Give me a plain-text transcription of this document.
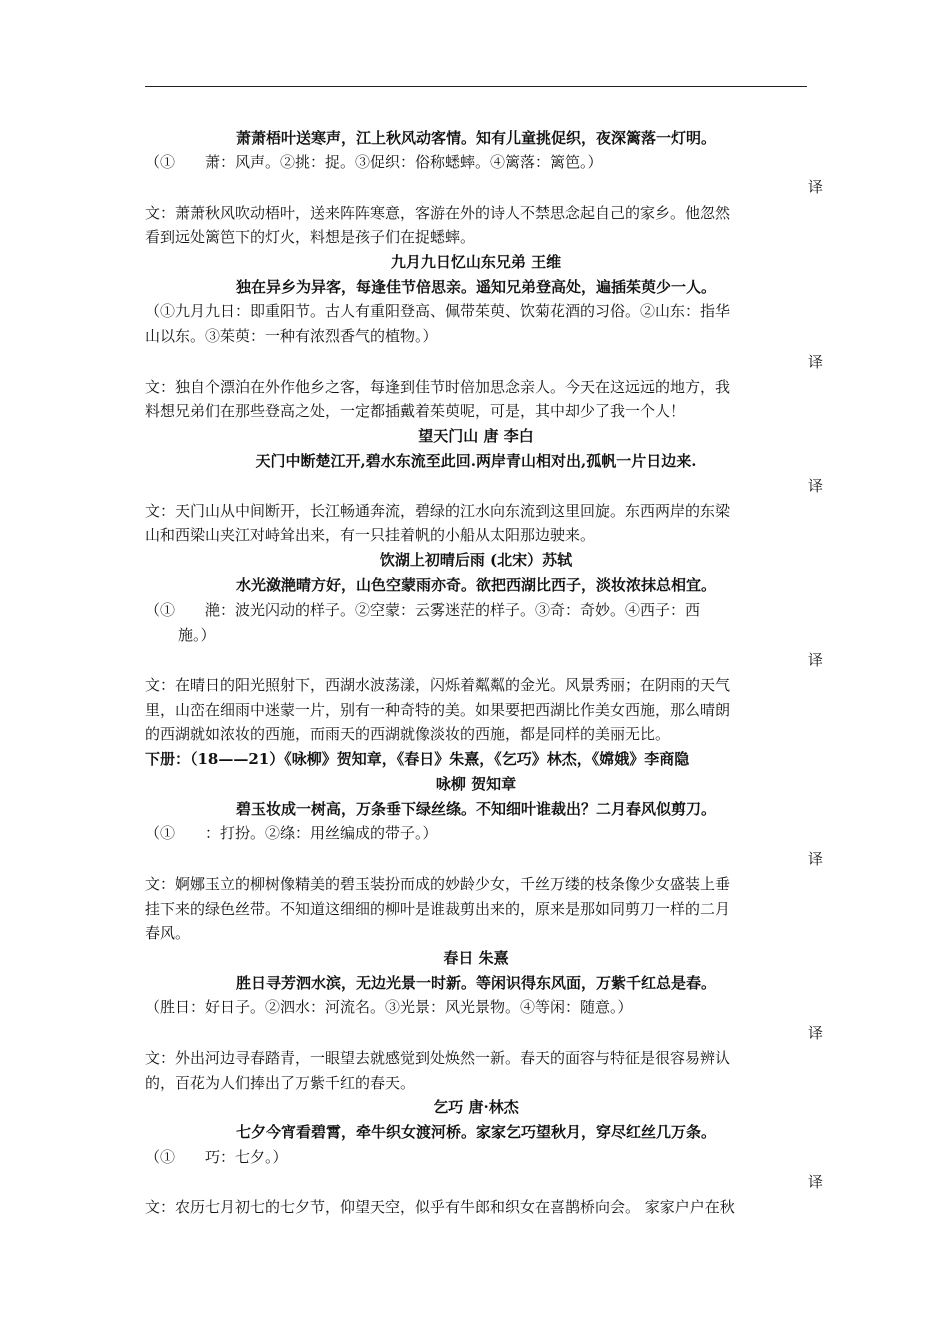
萧萧梧叶送寒声，江上秋风动客情。知有儿童挑促织，夜深篱落一灯明。
（①　　萧：风声。②挑：捉。③促织：俗称蟋蟀。④篱落：篱笆。）
译
文：萧萧秋风吹动梧叶，送来阵阵寒意，客游在外的诗人不禁思念起自己的家乡。他忽然
看到远处篱笆下的灯火，料想是孩子们在捉蟋蟀。
九月九日忆山东兄弟 王维
独在异乡为异客，每逢佳节倍思亲。遥知兄弟登高处，遍插茱萸少一人。
（①九月九日：即重阳节。古人有重阳登高、佩带茱萸、饮菊花酒的习俗。②山东：指华
山以东。③茱萸：一种有浓烈香气的植物。）
译
文：独自个漂泊在外作他乡之客，每逢到佳节时倍加思念亲人。今天在这远远的地方，我
料想兄弟们在那些登高之处，一定都插戴着茱萸呢，可是，其中却少了我一个人！
望天门山 唐 李白
天门中断楚江开,碧水东流至此回.两岸青山相对出,孤帆一片日边来.
译
文：天门山从中间断开，长江畅通奔流，碧绿的江水向东流到这里回旋。东西两岸的东梁
山和西梁山夹江对峙耸出来，有一只挂着帆的小船从太阳那边驶来。
饮湖上初晴后雨 (北宋）苏轼
水光潋滟晴方好，山色空蒙雨亦奇。欲把西湖比西子，淡妆浓抹总相宜。
（①　　滟：波光闪动的样子。②空蒙：云雾迷茫的样子。③奇：奇妙。④西子：西
施。）
译
文：在晴日的阳光照射下，西湖水波荡漾，闪烁着粼粼的金光。风景秀丽；在阴雨的天气
里，山峦在细雨中迷蒙一片，别有一种奇特的美。如果要把西湖比作美女西施，那么晴朗
的西湖就如浓妆的西施，而雨天的西湖就像淡妆的西施，都是同样的美丽无比。
下册：（18——21）《咏柳》贺知章，《春日》朱熹，《乞巧》林杰，《嫦娥》李商隐
咏柳 贺知章
碧玉妆成一树高，万条垂下绿丝绦。不知细叶谁裁出？二月春风似剪刀。
（①　　：打扮。②绦：用丝编成的带子。）
译
文：婀娜玉立的柳树像精美的碧玉装扮而成的妙龄少女，千丝万缕的枝条像少女盛装上垂
挂下来的绿色丝带。不知道这细细的柳叶是谁裁剪出来的，原来是那如同剪刀一样的二月
春风。
春日 朱熹
胜日寻芳泗水滨，无边光景一时新。等闲识得东风面，万紫千红总是春。
（胜日：好日子。②泗水：河流名。③光景：风光景物。④等闲：随意。）
译
文：外出河边寻春踏青，一眼望去就感觉到处焕然一新。春天的面容与特征是很容易辨认
的，百花为人们捧出了万紫千红的春天。
乞巧 唐·林杰
七夕今宵看碧霄，牵牛织女渡河桥。家家乞巧望秋月，穿尽红丝几万条。
（①　　巧：七夕。）
译
文：农历七月初七的七夕节，仰望天空，似乎有牛郎和织女在喜鹊桥向会。 家家户户在秋
